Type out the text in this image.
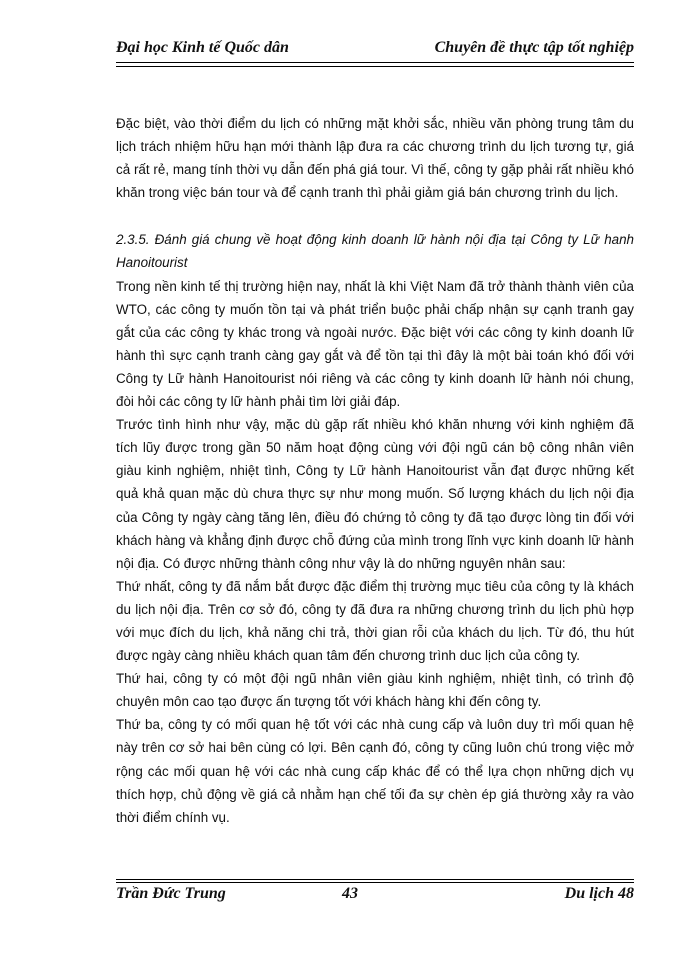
Đại học Kinh tế Quốc dân	Chuyên đề thực tập tốt nghiệp

Đặc biệt, vào thời điểm du lịch có những mặt khởi sắc, nhiều văn phòng trung tâm du lịch trách nhiệm hữu hạn mới thành lập đưa ra các chương trình du lịch tương tự, giá cả rất rẻ, mang tính thời vụ dẫn đến phá giá tour. Vì thế, công ty gặp phải rất nhiều khó khăn trong việc bán tour và để cạnh tranh thì phải giảm giá bán chương trình du lịch.

2.3.5. Đánh giá chung về hoạt động kinh doanh lữ hành nội địa tại Công ty Lữ hanh Hanoitourist

Trong nền kinh tế thị trường hiện nay, nhất là khi Việt Nam đã trở thành thành viên của WTO, các công ty muốn tồn tại và phát triển buộc phải chấp nhận sự cạnh tranh gay gắt của các công ty khác trong và ngoài nước. Đặc biệt với các công ty kinh doanh lữ hành thì sực cạnh tranh càng gay gắt và để tồn tại thì đây là một bài toán khó đối với Công ty Lữ hành Hanoitourist nói riêng và các công ty kinh doanh lữ hành nói chung, đòi hỏi các công ty lữ hành phải tìm lời giải đáp.

Trước tình hình như vậy, mặc dù gặp rất nhiều khó khăn nhưng với kinh nghiệm đã tích lũy được trong gần 50 năm hoạt động cùng với đội ngũ cán bộ công nhân viên giàu kinh nghiệm, nhiệt tình, Công ty Lữ hành Hanoitourist vẫn đạt được những kết quả khả quan mặc dù chưa thực sự như mong muốn. Số lượng khách du lịch nội địa của Công ty ngày càng tăng lên, điều đó chứng tỏ công ty đã tạo được lòng tin đối với khách hàng và khẳng định được chỗ đứng của mình trong lĩnh vực kinh doanh lữ hành nội địa. Có được những thành công như vậy là do những nguyên nhân sau:

Thứ nhất, công ty đã nắm bắt được đặc điểm thị trường mục tiêu của công ty là khách du lịch nội địa. Trên cơ sở đó, công ty đã đưa ra những chương trình du lịch phù hợp với mục đích du lịch, khả năng chi trả, thời gian rỗi của khách du lịch. Từ đó, thu hút được ngày càng nhiều khách quan tâm đến chương trình duc lịch của công ty.

Thứ hai, công ty có một đội ngũ nhân viên giàu kinh nghiệm, nhiệt tình, có trình độ chuyên môn cao tạo được ấn tượng tốt với khách hàng khi đến công ty.

Thứ ba, công ty có mối quan hệ tốt với các nhà cung cấp và luôn duy trì mối quan hệ này trên cơ sở hai bên cùng có lợi. Bên cạnh đó, công ty cũng luôn chú trong việc mở rộng các mối quan hệ với các nhà cung cấp khác để có thể lựa chọn những dịch vụ thích hợp, chủ động về giá cả nhằm hạn chế tối đa sự chèn ép giá thường xảy ra vào thời điểm chính vụ.

Trần Đức Trung	43	Du lịch 48
